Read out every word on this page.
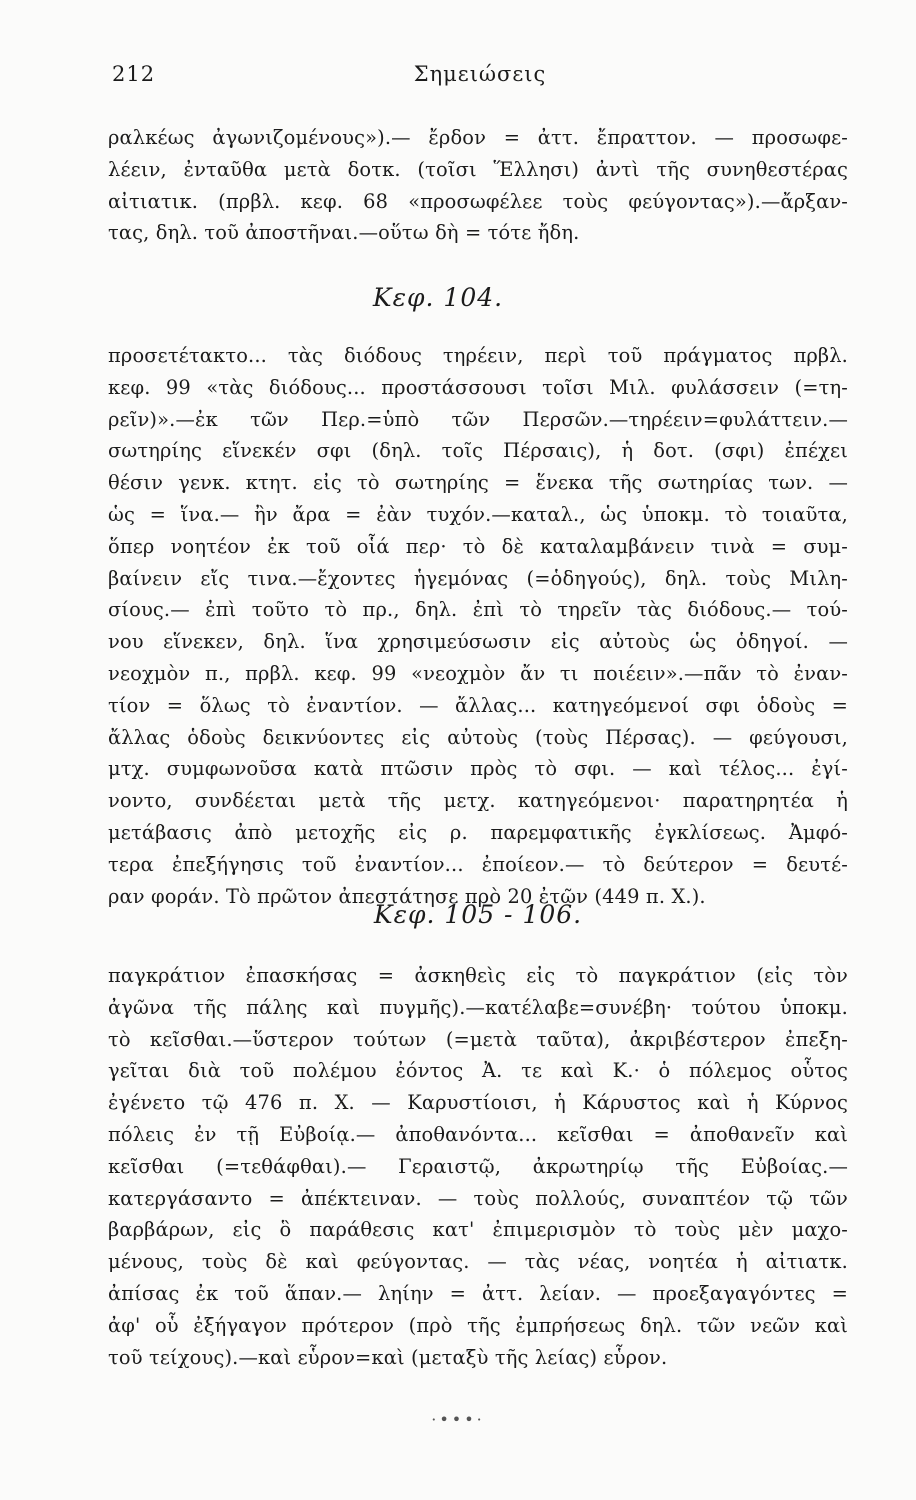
212	Σημειώσεις

ραλκέως ἀγωνιζομένους»).— ἔρδον = ἀττ. ἔπραττον. — προσωφε-

λέειν, ἐνταῦθα μετὰ δοτκ. (τοῖσι Ἕλλησι) ἀντὶ τῆς συνηθεστέρας

αἰτιατικ. (πρβλ. κεφ. 68 «προσωφέλεε τοὺς φεύγοντας»).—ἄρξαν-

τας, δηλ. τοῦ ἀποστῆναι.—οὕτω δὴ = τότε ἤδη.

Κεφ. 104.

προσετέτακτο... τὰς διόδους τηρέειν, περὶ τοῦ πράγματος πρβλ.

κεφ. 99 «τὰς διόδους... προστάσσουσι τοῖσι Μιλ. φυλάσσειν (=τη-

ρεῖν)».—ἐκ τῶν Περ.=ὑπὸ τῶν Περσῶν.—τηρέειν=φυλάττειν.—

σωτηρίης εἵνεκέν σφι (δηλ. τοῖς Πέρσαις), ἡ δοτ. (σφι) ἐπέχει

θέσιν γενκ. κτητ. εἰς τὸ σωτηρίης = ἕνεκα τῆς σωτηρίας των. —

ὡς = ἵνα.— ἢν ἄρα = ἐὰν τυχόν.—καταλ., ὡς ὑποκμ. τὸ τοιαῦτα,

ὅπερ νοητέον ἐκ τοῦ οἷά περ· τὸ δὲ καταλαμβάνειν τινὰ = συμ-

βαίνειν εἴς τινα.—ἔχοντες ἡγεμόνας (=ὁδηγούς), δηλ. τοὺς Μιλη-

σίους.— ἐπὶ τοῦτο τὸ πρ., δηλ. ἐπὶ τὸ τηρεῖν τὰς διόδους.— τού-

νου εἵνεκεν, δηλ. ἵνα χρησιμεύσωσιν εἰς αὐτοὺς ὡς ὁδηγοί. —

νεοχμὸν π., πρβλ. κεφ. 99 «νεοχμὸν ἄν τι ποιέειν».—πᾶν τὸ ἐναν-

τίον = ὅλως τὸ ἐναντίον. — ἄλλας... κατηγεόμενοί σφι ὁδοὺς =

ἄλλας ὁδοὺς δεικνύοντες εἰς αὐτοὺς (τοὺς Πέρσας). — φεύγουσι,

μτχ. συμφωνοῦσα κατὰ πτῶσιν πρὸς τὸ σφι. — καὶ τέλος... ἐγί-

νοντο, συνδέεται μετὰ τῆς μετχ. κατηγεόμενοι· παρατηρητέα ἡ

μετάβασις ἀπὸ μετοχῆς εἰς ρ. παρεμφατικῆς ἐγκλίσεως. Ἀμφό-

τερα ἐπεξήγησις τοῦ ἐναντίον... ἐποίεον.— τὸ δεύτερον = δευτέ-

ραν φοράν. Τὸ πρῶτον ἀπεστάτησε πρὸ 20 ἐτῶν (449 π. Χ.).

Κεφ. 105 - 106.

παγκράτιον ἐπασκήσας = ἀσκηθεὶς εἰς τὸ παγκράτιον (εἰς τὸν

ἀγῶνα τῆς πάλης καὶ πυγμῆς).—κατέλαβε=συνέβη· τούτου ὑποκμ.

τὸ κεῖσθαι.—ὕστερον τούτων (=μετὰ ταῦτα), ἀκριβέστερον ἐπεξη-

γεῖται διὰ τοῦ πολέμου ἐόντος Ἀ. τε καὶ Κ.· ὁ πόλεμος οὗτος

ἐγένετο τῷ 476 π. Χ. — Καρυστίοισι, ἡ Κάρυστος καὶ ἡ Κύρνος

πόλεις ἐν τῇ Εὐβοίᾳ.— ἀποθανόντα... κεῖσθαι = ἀποθανεῖν καὶ

κεῖσθαι (=τεθάφθαι).— Γεραιστῷ, ἀκρωτηρίῳ τῆς Εὐβοίας.—

κατεργάσαντο = ἀπέκτειναν. — τοὺς πολλούς, συναπτέον τῷ τῶν

βαρβάρων, εἰς ὃ παράθεσις κατ' ἐπιμερισμὸν τὸ τοὺς μὲν μαχο-

μένους, τοὺς δὲ καὶ φεύγοντας. — τὰς νέας, νοητέα ἡ αἰτιατκ.

ἀπίσας ἐκ τοῦ ἅπαν.— ληίην = ἀττ. λείαν. — προεξαγαγόντες =

ἀφ' οὗ ἐξήγαγον πρότερον (πρὸ τῆς ἐμπρήσεως δηλ. τῶν νεῶν καὶ

τοῦ τείχους).—καὶ εὗρον=καὶ (μεταξὺ τῆς λείας) εὗρον.

·•••·
